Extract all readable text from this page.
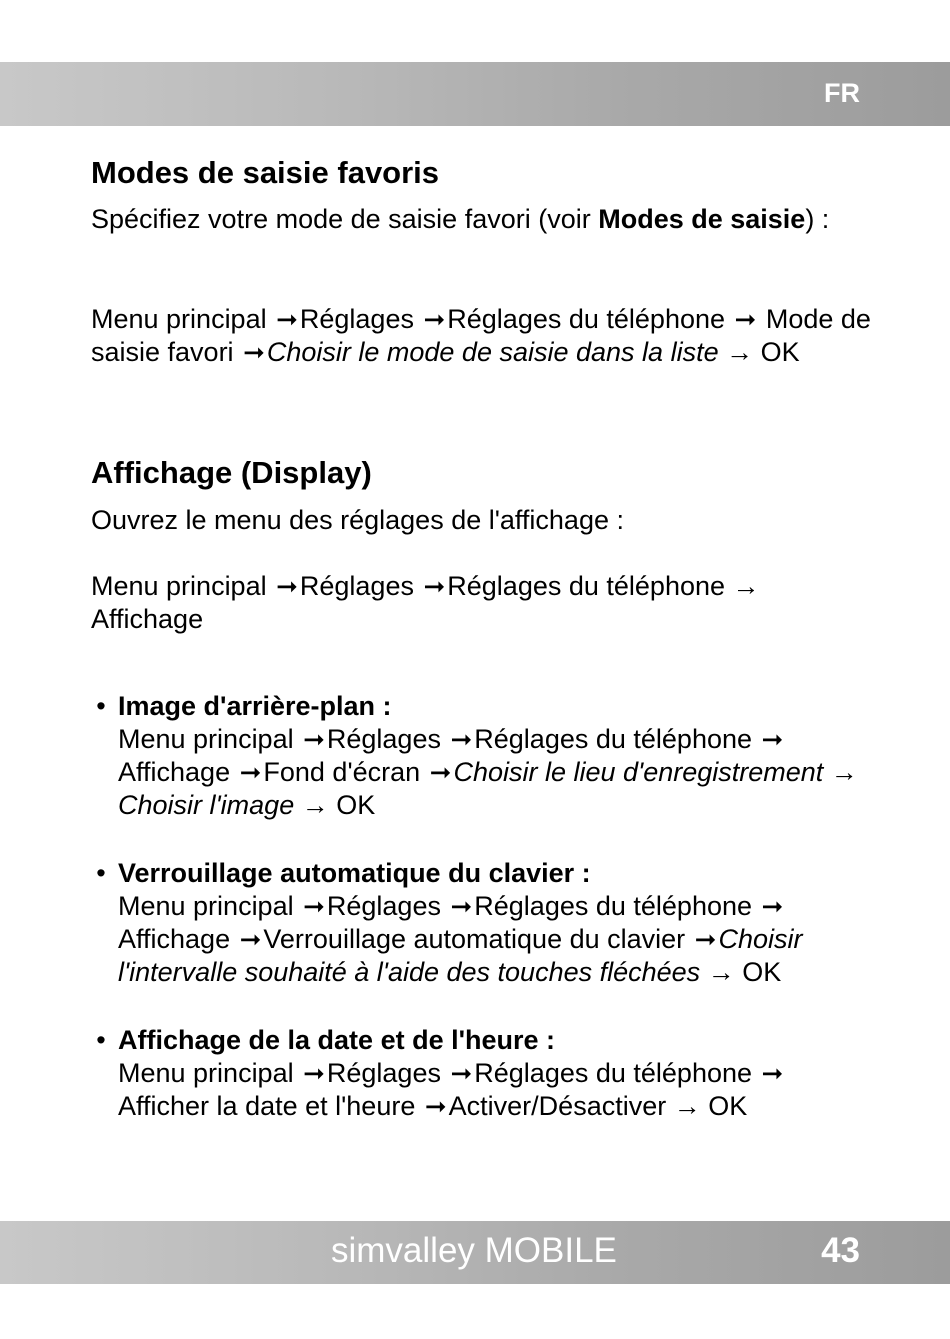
FR
Modes de saisie favoris

Spécifiez votre mode de saisie favori (voir Modes de saisie) :

Menu principal ➞Réglages ➞Réglages du téléphone ➞ Mode de saisie favori ➞Choisir le mode de saisie dans la liste → OK

Affichage (Display)

Ouvrez le menu des réglages de l'affichage :

Menu principal ➞Réglages ➞Réglages du téléphone → Affichage

• Image d'arrière-plan :
Menu principal ➞Réglages ➞Réglages du téléphone ➞ Affichage ➞Fond d'écran ➞Choisir le lieu d'enregistrement → Choisir l'image → OK
• Verrouillage automatique du clavier :
Menu principal ➞Réglages ➞Réglages du téléphone ➞ Affichage ➞Verrouillage automatique du clavier ➞Choisir l'intervalle souhaité à l'aide des touches fléchées → OK
• Affichage de la date et de l'heure :
Menu principal ➞Réglages ➞Réglages du téléphone ➞ Afficher la date et l'heure ➞Activer/Désactiver → OK
simvalley MOBILE	43
